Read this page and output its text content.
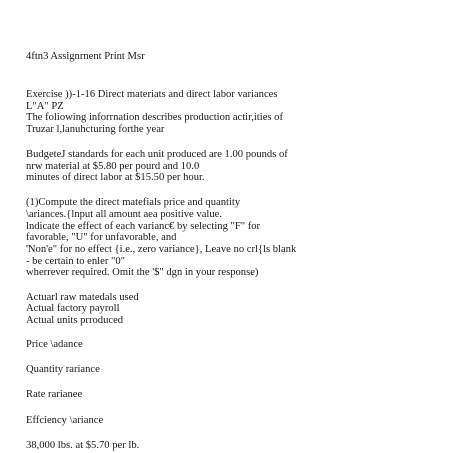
4ftn3 Assignrnent Print Msr
Exercise ))-1-16 Direct materiats and direct labor variances
L"A" PZ
The foliowing inforrnation describes production actir,ities of
Truzar l,lanuhcturing forthe year
BudgeteJ standards for each unit produced are 1.00 pounds of
nrw material at $5.80 per pourd and 10.0
minutes of direct labor at $15.50 per hour.
(1)Compute the direct matefials price and quantity
\ariances.{lnput all amount aea positive value.
lndicate the effect of each varianc€ by selecting "F" for
favorable, "U" for unfavorable, and
'Non'e" for no effect {i.e., zero variance}, Leave no crl{ls blank
- be certain to enler "0"
wherrever required. Omit the '$" dgn in your response)
Actuarl raw matedals used
Actual factory payroll
Actual units prroduced
Price \adance
Quantity rariance
Rate rarianee
Effciency \ariance
38,000 lbs. at $5.70 per lb.
